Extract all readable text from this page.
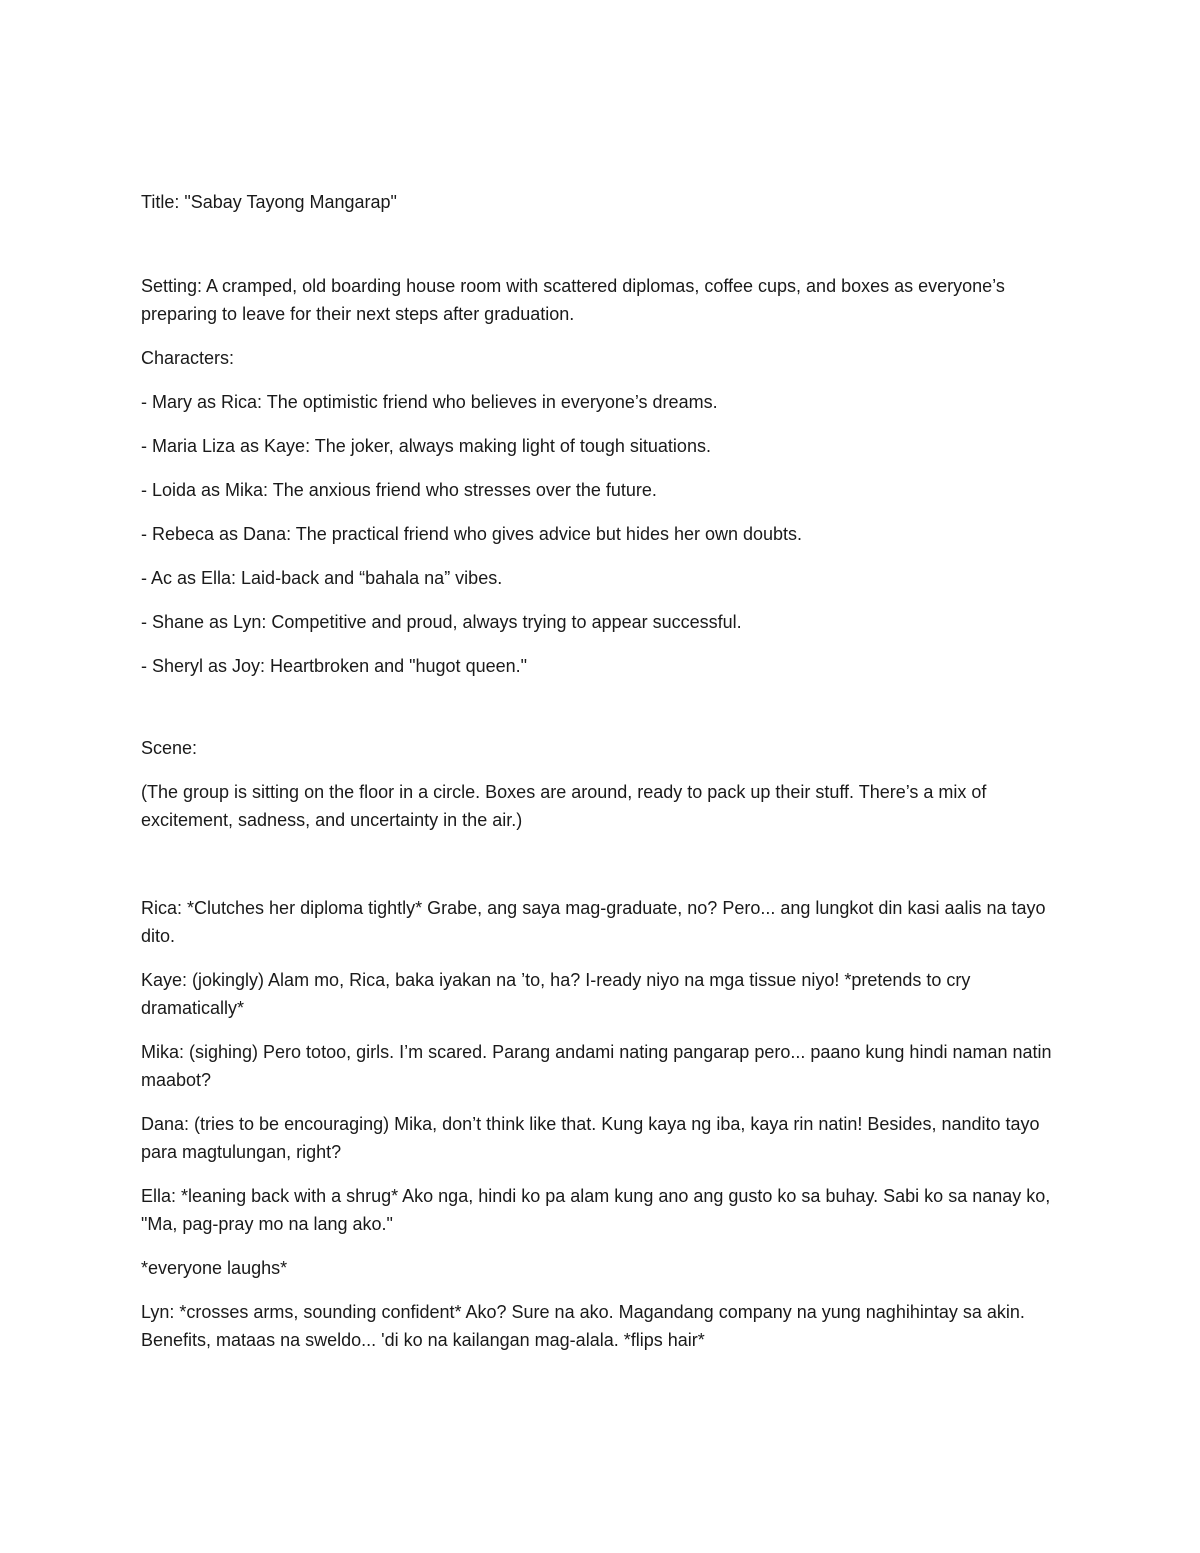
Title: "Sabay Tayong Mangarap"

Setting: A cramped, old boarding house room with scattered diplomas, coffee cups, and boxes as everyone’s preparing to leave for their next steps after graduation.

Characters:

- Mary as Rica: The optimistic friend who believes in everyone’s dreams.

- Maria Liza as Kaye: The joker, always making light of tough situations.

- Loida as Mika: The anxious friend who stresses over the future.

- Rebeca as Dana: The practical friend who gives advice but hides her own doubts.

- Ac as Ella: Laid-back and “bahala na” vibes.

- Shane as Lyn: Competitive and proud, always trying to appear successful.

- Sheryl as Joy: Heartbroken and "hugot queen."

Scene:

(The group is sitting on the floor in a circle. Boxes are around, ready to pack up their stuff. There’s a mix of excitement, sadness, and uncertainty in the air.)

Rica: *Clutches her diploma tightly* Grabe, ang saya mag-graduate, no? Pero... ang lungkot din kasi aalis na tayo dito.

Kaye: (jokingly) Alam mo, Rica, baka iyakan na ’to, ha? I-ready niyo na mga tissue niyo! *pretends to cry dramatically*

Mika: (sighing) Pero totoo, girls. I’m scared. Parang andami nating pangarap pero... paano kung hindi naman natin maabot?

Dana: (tries to be encouraging) Mika, don’t think like that. Kung kaya ng iba, kaya rin natin! Besides, nandito tayo para magtulungan, right?

Ella: *leaning back with a shrug* Ako nga, hindi ko pa alam kung ano ang gusto ko sa buhay. Sabi ko sa nanay ko, "Ma, pag-pray mo na lang ako."

*everyone laughs*

Lyn: *crosses arms, sounding confident* Ako? Sure na ako. Magandang company na yung naghihintay sa akin. Benefits, mataas na sweldo... 'di ko na kailangan mag-alala. *flips hair*
